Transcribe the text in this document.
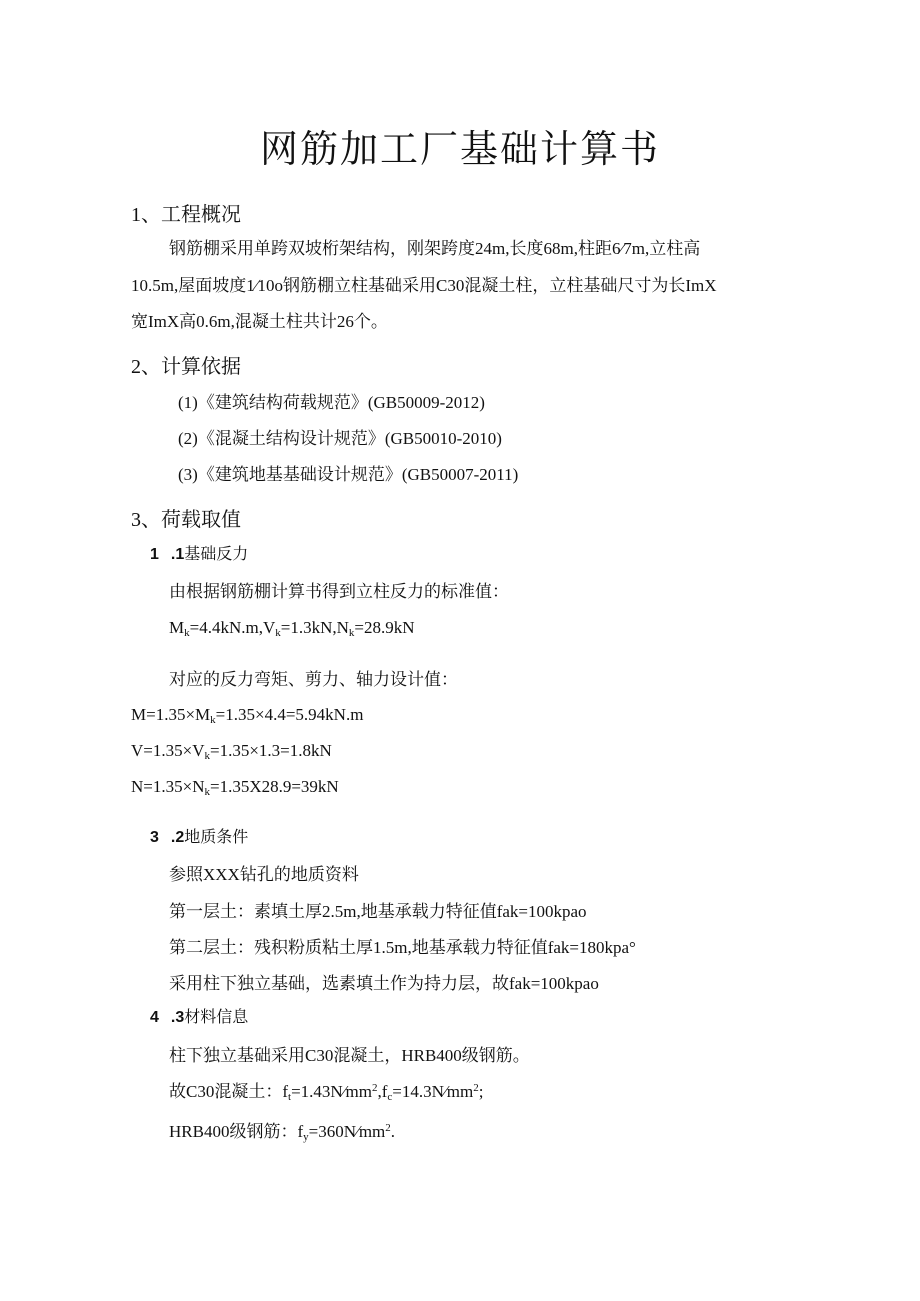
网筋加工厂基础计算书
1、工程概况
钢筋棚采用单跨双坡桁架结构，刚架跨度24m,长度68m,柱距6⁄7m,立柱高
10.5m,屋面坡度1∕10o钢筋棚立柱基础采用C30混凝土柱，立柱基础尺寸为长ImX
宽ImX高0.6m,混凝土柱共计26个。
2、计算依据
(1)《建筑结构荷载规范》(GB50009-2012)
(2)《混凝土结构设计规范》(GB50010-2010)
(3)《建筑地基基础设计规范》(GB50007-2011)
3、荷载取值
1 .1基础反力
由根据钢筋棚计算书得到立柱反力的标准值：
$M_k=4.4kN.m,V_k=1.3kN,N_k=28.9kN$
对应的反力弯矩、剪力、轴力设计值：
$M=1.35\times M_k=1.35\times 4.4=5.94kN.m$
$V=1.35\times V_k=1.35\times 1.3=1.8kN$
$N=1.35\times N_k=1.35X28.9=39kN$
3 .2地质条件
参照XXX钻孔的地质资料
第一层土：素填土厚2.5m,地基承载力特征值fak=100kpao
第二层土：残积粉质粘土厚1.5m,地基承载力特征值fak=180kpa°
采用柱下独立基础，选素填土作为持力层，故fak=100kpao
4 .3材料信息
柱下独立基础采用C30混凝土，HRB400级钢筋。
故C30混凝土：$f_t=1.43N⁄mm^2,f_c=14.3N⁄mm^2$;
HRB400级钢筋：$f_y=360N⁄mm^2$.
